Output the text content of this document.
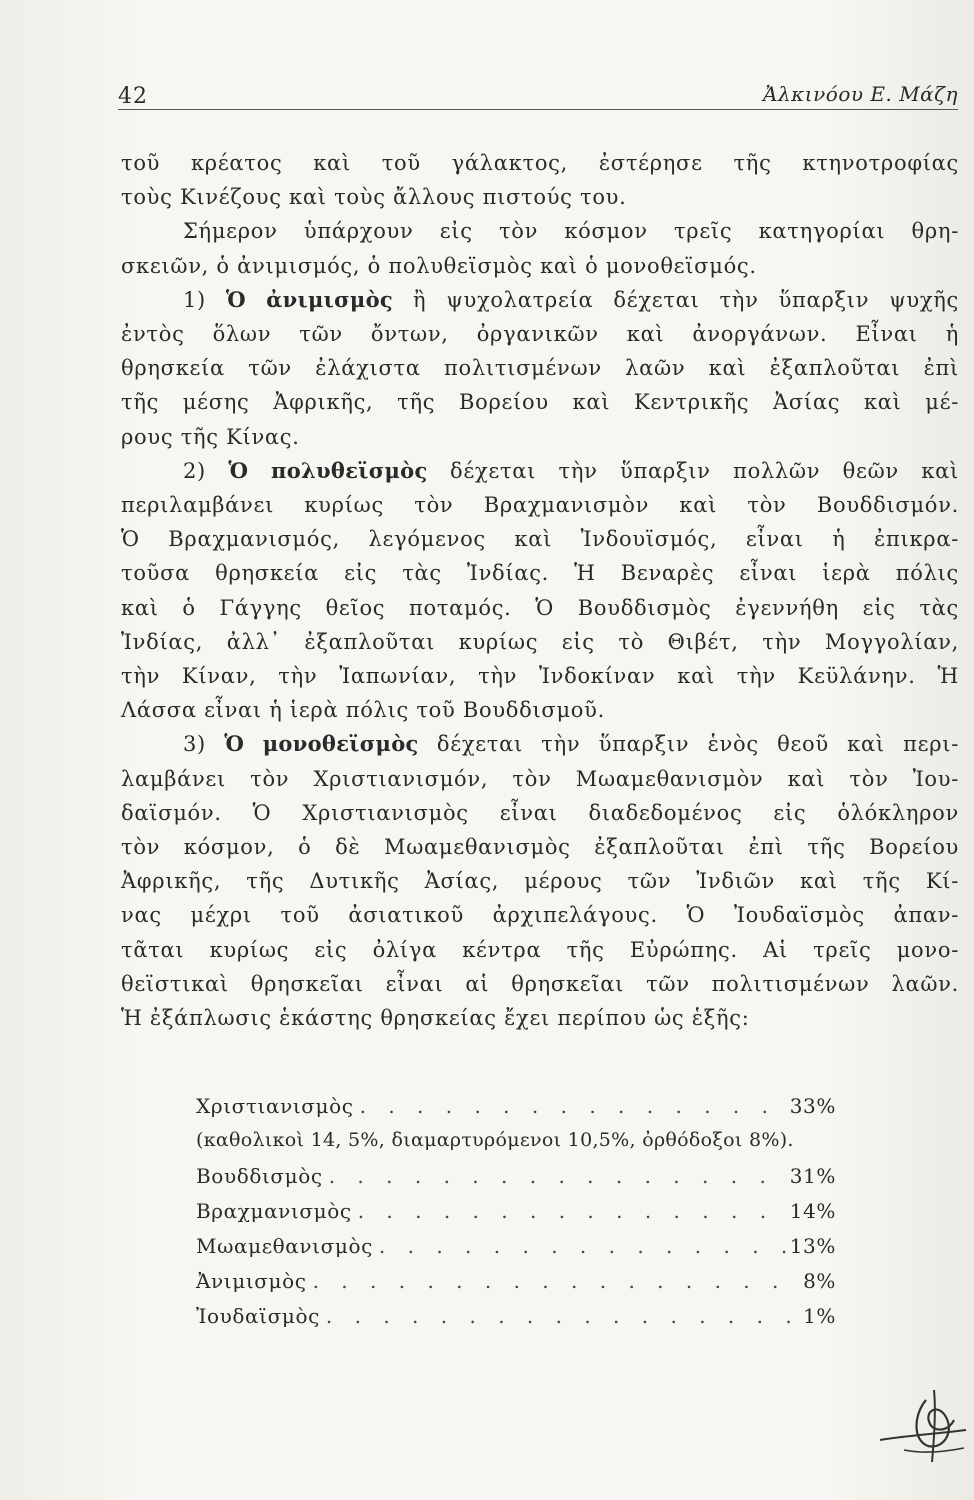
42	Ἀλκινόου Ε. Μάζη
τοῦ κρέατος καὶ τοῦ γάλακτος, ἐστέρησε τῆς κτηνοτροφίας
τοὺς Κινέζους καὶ τοὺς ἄλλους πιστούς του.
Σήμερον ὑπάρχουν εἰς τὸν κόσμον τρεῖς κατηγορίαι θρη-
σκειῶν, ὁ ἀνιμισμός, ὁ πολυθεϊσμὸς καὶ ὁ μονοθεϊσμός.
1) Ὁ ἀνιμισμὸς ἢ ψυχολατρεία δέχεται τὴν ὕπαρξιν ψυχῆς
ἐντὸς ὅλων τῶν ὄντων, ὀργανικῶν καὶ ἀνοργάνων. Εἶναι ἡ
θρησκεία τῶν ἐλάχιστα πολιτισμένων λαῶν καὶ ἐξαπλοῦται ἐπὶ
τῆς μέσης Ἀφρικῆς, τῆς Βορείου καὶ Κεντρικῆς Ἀσίας καὶ μέ-
ρους τῆς Κίνας.
2) Ὁ πολυθεϊσμὸς δέχεται τὴν ὕπαρξιν πολλῶν θεῶν καὶ
περιλαμβάνει κυρίως τὸν Βραχμανισμὸν καὶ τὸν Βουδδισμόν.
Ὁ Βραχμανισμός, λεγόμενος καὶ Ἰνδουϊσμός, εἶναι ἡ ἐπικρα-
τοῦσα θρησκεία εἰς τὰς Ἰνδίας. Ἡ Βεναρὲς εἶναι ἱερὰ πόλις
καὶ ὁ Γάγγης θεῖος ποταμός. Ὁ Βουδδισμὸς ἐγεννήθη εἰς τὰς
Ἰνδίας, ἀλλ᾿ ἐξαπλοῦται κυρίως εἰς τὸ Θιβέτ, τὴν Μογγολίαν,
τὴν Κίναν, τὴν Ἰαπωνίαν, τὴν Ἰνδοκίναν καὶ τὴν Κεϋλάνην. Ἡ
Λάσσα εἶναι ἡ ἱερὰ πόλις τοῦ Βουδδισμοῦ.
3) Ὁ μονοθεϊσμὸς δέχεται τὴν ὕπαρξιν ἑνὸς θεοῦ καὶ περι-
λαμβάνει τὸν Χριστιανισμόν, τὸν Μωαμεθανισμὸν καὶ τὸν Ἰου-
δαϊσμόν. Ὁ Χριστιανισμὸς εἶναι διαδεδομένος εἰς ὁλόκληρον
τὸν κόσμον, ὁ δὲ Μωαμεθανισμὸς ἐξαπλοῦται ἐπὶ τῆς Βορείου
Ἀφρικῆς, τῆς Δυτικῆς Ἀσίας, μέρους τῶν Ἰνδιῶν καὶ τῆς Κί-
νας μέχρι τοῦ ἀσιατικοῦ ἀρχιπελάγους. Ὁ Ἰουδαϊσμὸς ἀπαν-
τᾶται κυρίως εἰς ὀλίγα κέντρα τῆς Εὐρώπης. Αἱ τρεῖς μονο-
θεϊστικαὶ θρησκεῖαι εἶναι αἱ θρησκεῖαι τῶν πολιτισμένων λαῶν.
Ἡ ἐξάπλωσις ἑκάστης θρησκείας ἔχει περίπου ὡς ἑξῆς:
Χριστιανισμὸς . . .	33%
(καθολικοὶ 14, 5%, διαμαρτυρόμενοι 10,5%, ὀρθόδοξοι 8%).
Βουδδισμὸς . . .	31%
Βραχμανισμὸς . . .	14%
Μωαμεθανισμὸς . . .	13%
Ἀνιμισμὸς . . .	8%
Ἰουδαϊσμὸς . . .	1%
